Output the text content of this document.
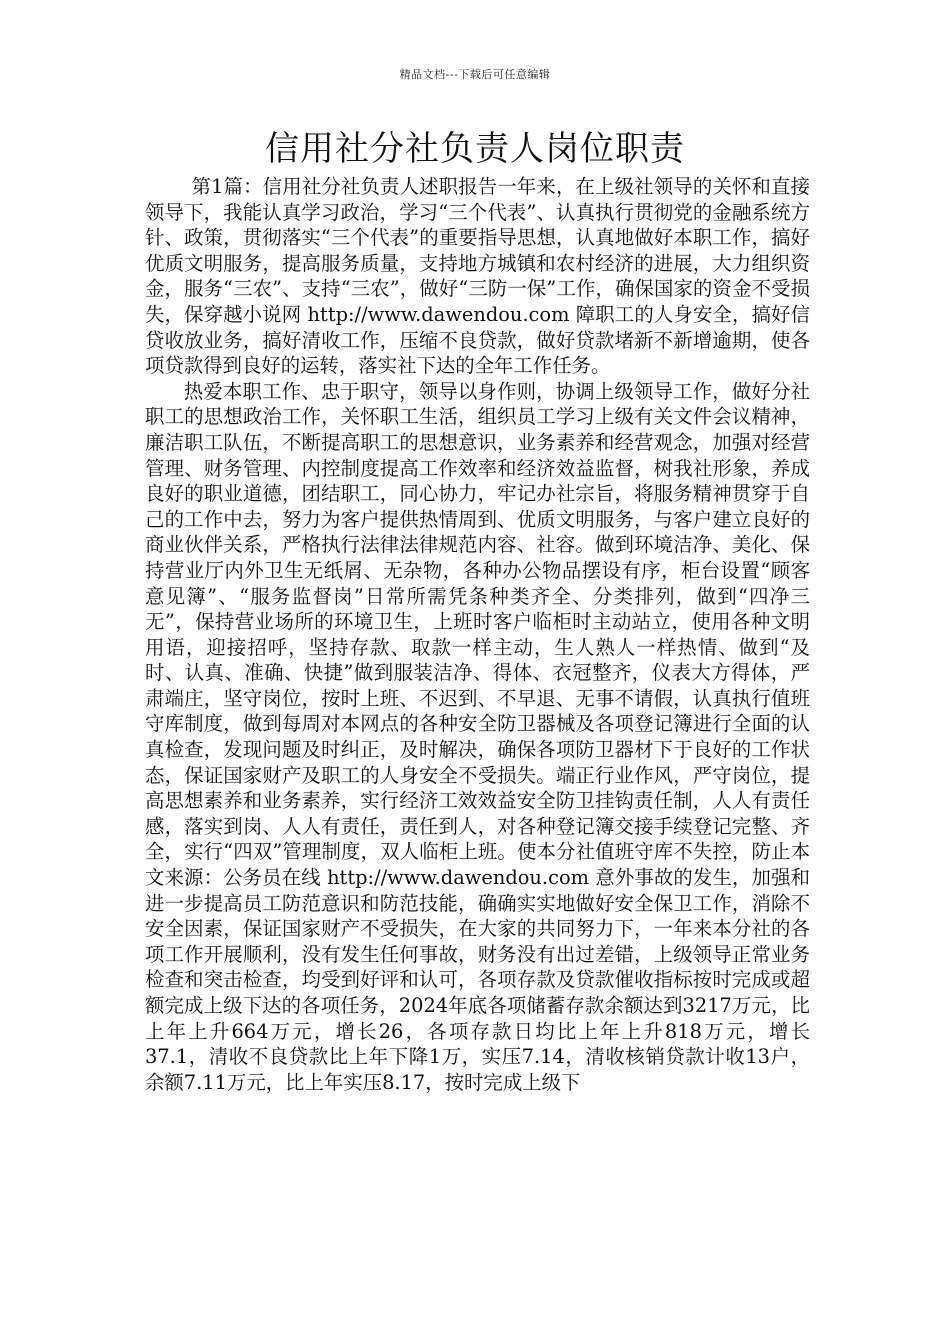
精品文档---下载后可任意编辑
信用社分社负责人岗位职责

第1篇：信用社分社负责人述职报告一年来，在上级社领导的关怀和直接领导下，我能认真学习政治，学习“三个代表”、认真执行贯彻党的金融系统方针、政策，贯彻落实“三个代表”的重要指导思想，认真地做好本职工作，搞好优质文明服务，提高服务质量，支持地方城镇和农村经济的进展，大力组织资金，服务“三农”、支持“三农”，做好“三防一保”工作，确保国家的资金不受损失，保穿越小说网 http://www.dawendou.com 障职工的人身安全，搞好信贷收放业务，搞好清收工作，压缩不良贷款，做好贷款堵新不新增逾期，使各项贷款得到良好的运转，落实社下达的全年工作任务。

热爱本职工作、忠于职守，领导以身作则，协调上级领导工作，做好分社职工的思想政治工作，关怀职工生活，组织员工学习上级有关文件会议精神，廉洁职工队伍，不断提高职工的思想意识，业务素养和经营观念，加强对经营管理、财务管理、内控制度提高工作效率和经济效益监督，树我社形象，养成良好的职业道德，团结职工，同心协力，牢记办社宗旨，将服务精神贯穿于自己的工作中去，努力为客户提供热情周到、优质文明服务，与客户建立良好的商业伙伴关系，严格执行法律法律规范内容、社容。做到环境洁净、美化、保持营业厅内外卫生无纸屑、无杂物，各种办公物品摆设有序，柜台设置“顾客意见簿”、“服务监督岗”日常所需凭条种类齐全、分类排列，做到“四净三无”，保持营业场所的环境卫生，上班时客户临柜时主动站立，使用各种文明用语，迎接招呼，坚持存款、取款一样主动，生人熟人一样热情、做到“及时、认真、准确、快捷”做到服装洁净、得体、衣冠整齐，仪表大方得体，严肃端庄，坚守岗位，按时上班、不迟到、不早退、无事不请假，认真执行值班守库制度，做到每周对本网点的各种安全防卫器械及各项登记簿进行全面的认真检查，发现问题及时纠正，及时解决，确保各项防卫器材下于良好的工作状态，保证国家财产及职工的人身安全不受损失。端正行业作风，严守岗位，提高思想素养和业务素养，实行经济工效效益安全防卫挂钩责任制，人人有责任感，落实到岗、人人有责任，责任到人，对各种登记簿交接手续登记完整、齐全，实行“四双”管理制度，双人临柜上班。使本分社值班守库不失控，防止本文来源：公务员在线 http://www.dawendou.com 意外事故的发生，加强和进一步提高员工防范意识和防范技能，确确实实地做好安全保卫工作，消除不安全因素，保证国家财产不受损失，在大家的共同努力下，一年来本分社的各项工作开展顺利，没有发生任何事故，财务没有出过差错，上级领导正常业务检查和突击检查，均受到好评和认可，各项存款及贷款催收指标按时完成或超额完成上级下达的各项任务，2024年底各项储蓄存款余额达到3217万元，比上年上升664万元，增长26，各项存款日均比上年上升818万元，增长37.1，清收不良贷款比上年下降1万，实压7.14，清收核销贷款计收13户，余额7.11万元，比上年实压8.17，按时完成上级下
